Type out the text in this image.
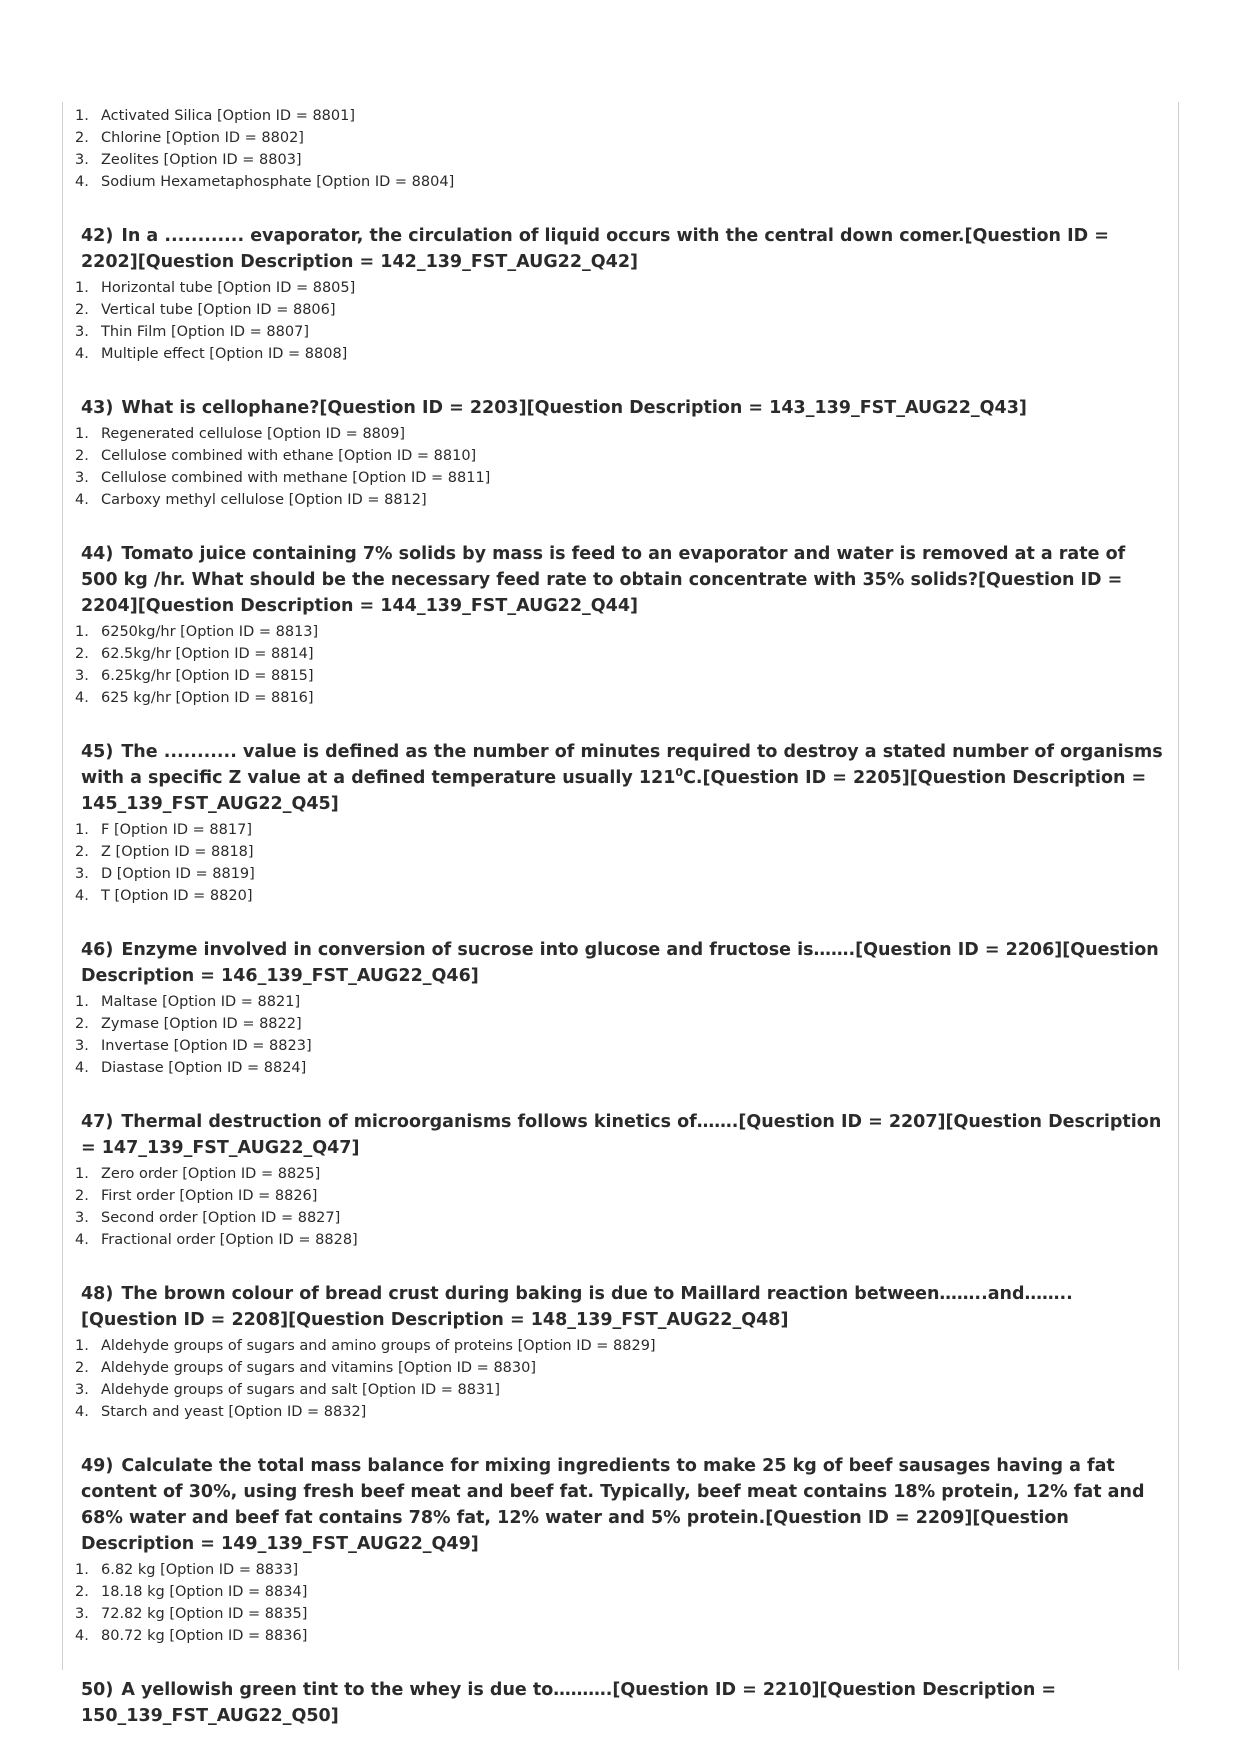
1. Activated Silica [Option ID = 8801]
2. Chlorine [Option ID = 8802]
3. Zeolites [Option ID = 8803]
4. Sodium Hexametaphosphate [Option ID = 8804]

42) In a ............ evaporator, the circulation of liquid occurs with the central down comer.[Question ID = 2202][Question Description = 142_139_FST_AUG22_Q42]

1. Horizontal tube [Option ID = 8805]
2. Vertical tube [Option ID = 8806]
3. Thin Film [Option ID = 8807]
4. Multiple effect [Option ID = 8808]

43) What is cellophane?[Question ID = 2203][Question Description = 143_139_FST_AUG22_Q43]

1. Regenerated cellulose [Option ID = 8809]
2. Cellulose combined with ethane [Option ID = 8810]
3. Cellulose combined with methane [Option ID = 8811]
4. Carboxy methyl cellulose [Option ID = 8812]

44) Tomato juice containing 7% solids by mass is feed to an evaporator and water is removed at a rate of 500 kg /hr. What should be the necessary feed rate to obtain concentrate with 35% solids?[Question ID = 2204][Question Description = 144_139_FST_AUG22_Q44]

1. 6250kg/hr [Option ID = 8813]
2. 62.5kg/hr [Option ID = 8814]
3. 6.25kg/hr [Option ID = 8815]
4. 625 kg/hr [Option ID = 8816]

45) The ........... value is defined as the number of minutes required to destroy a stated number of organisms with a specific Z value at a defined temperature usually $121^0C.[Question$ ID = 2205][Question Description = 145_139_FST_AUG22_Q45]

1. F [Option ID = 8817]
2. Z [Option ID = 8818]
3. D [Option ID = 8819]
4. T [Option ID = 8820]

46) Enzyme involved in conversion of sucrose into glucose and fructose is…….[Question ID = 2206][Question Description = 146_139_FST_AUG22_Q46]

1. Maltase [Option ID = 8821]
2. Zymase [Option ID = 8822]
3. Invertase [Option ID = 8823]
4. Diastase [Option ID = 8824]

47) Thermal destruction of microorganisms follows kinetics of…….[Question ID = 2207][Question Description = 147_139_FST_AUG22_Q47]

1. Zero order [Option ID = 8825]
2. First order [Option ID = 8826]
3. Second order [Option ID = 8827]
4. Fractional order [Option ID = 8828]

48) The brown colour of bread crust during baking is due to Maillard reaction between……..and……..[Question ID = 2208][Question Description = 148_139_FST_AUG22_Q48]

1. Aldehyde groups of sugars and amino groups of proteins [Option ID = 8829]
2. Aldehyde groups of sugars and vitamins [Option ID = 8830]
3. Aldehyde groups of sugars and salt [Option ID = 8831]
4. Starch and yeast [Option ID = 8832]

49) Calculate the total mass balance for mixing ingredients to make 25 kg of beef sausages having a fat content of 30%, using fresh beef meat and beef fat. Typically, beef meat contains 18% protein, 12% fat and 68% water and beef fat contains 78% fat, 12% water and 5% protein.[Question ID = 2209][Question Description = 149_139_FST_AUG22_Q49]

1. 6.82 kg [Option ID = 8833]
2. 18.18 kg [Option ID = 8834]
3. 72.82 kg [Option ID = 8835]
4. 80.72 kg [Option ID = 8836]

50) A yellowish green tint to the whey is due to……….[Question ID = 2210][Question Description = 150_139_FST_AUG22_Q50]
